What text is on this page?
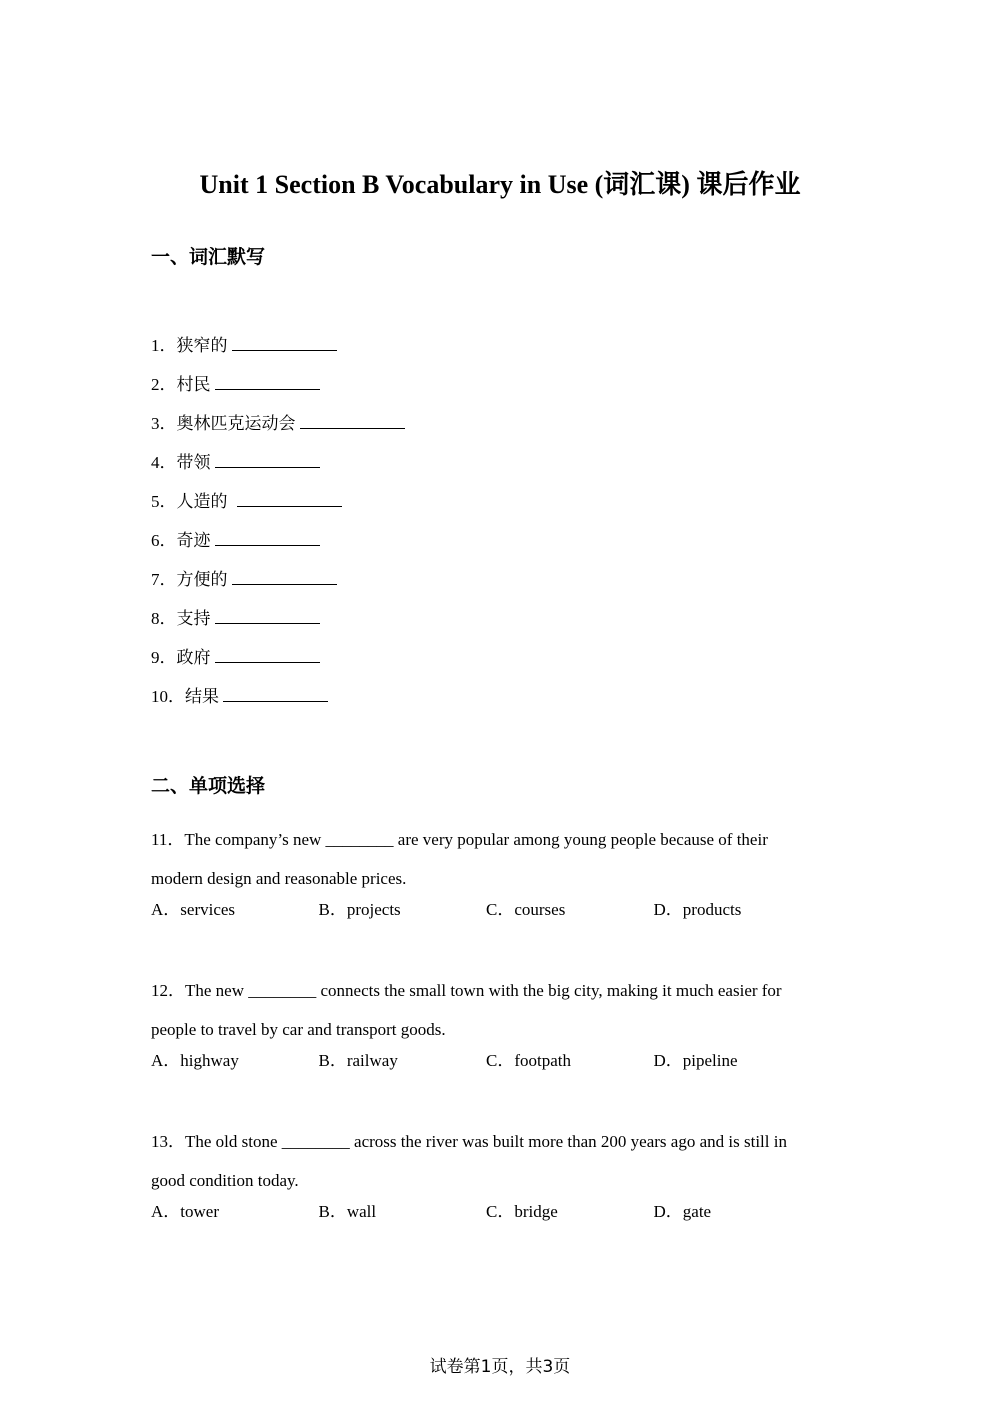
Unit 1 Section B Vocabulary in Use (词汇课) 课后作业
一、词汇默写
1．狭窄的
2．村民
3．奥林匹克运动会
4．带领
5．人造的
6．奇迹
7．方便的
8．支持
9．政府
10．结果
二、单项选择

11．The company’s new ________ are very popular among young people because of their modern design and reasonable prices.

A．services	B．projects	C．courses	D．products

12．The new ________ connects the small town with the big city, making it much easier for people to travel by car and transport goods.

A．highway	B．railway	C．footpath	D．pipeline

13．The old stone ________ across the river was built more than 200 years ago and is still in good condition today.

A．tower	B．wall	C．bridge	D．gate
试卷第1页，共3页
